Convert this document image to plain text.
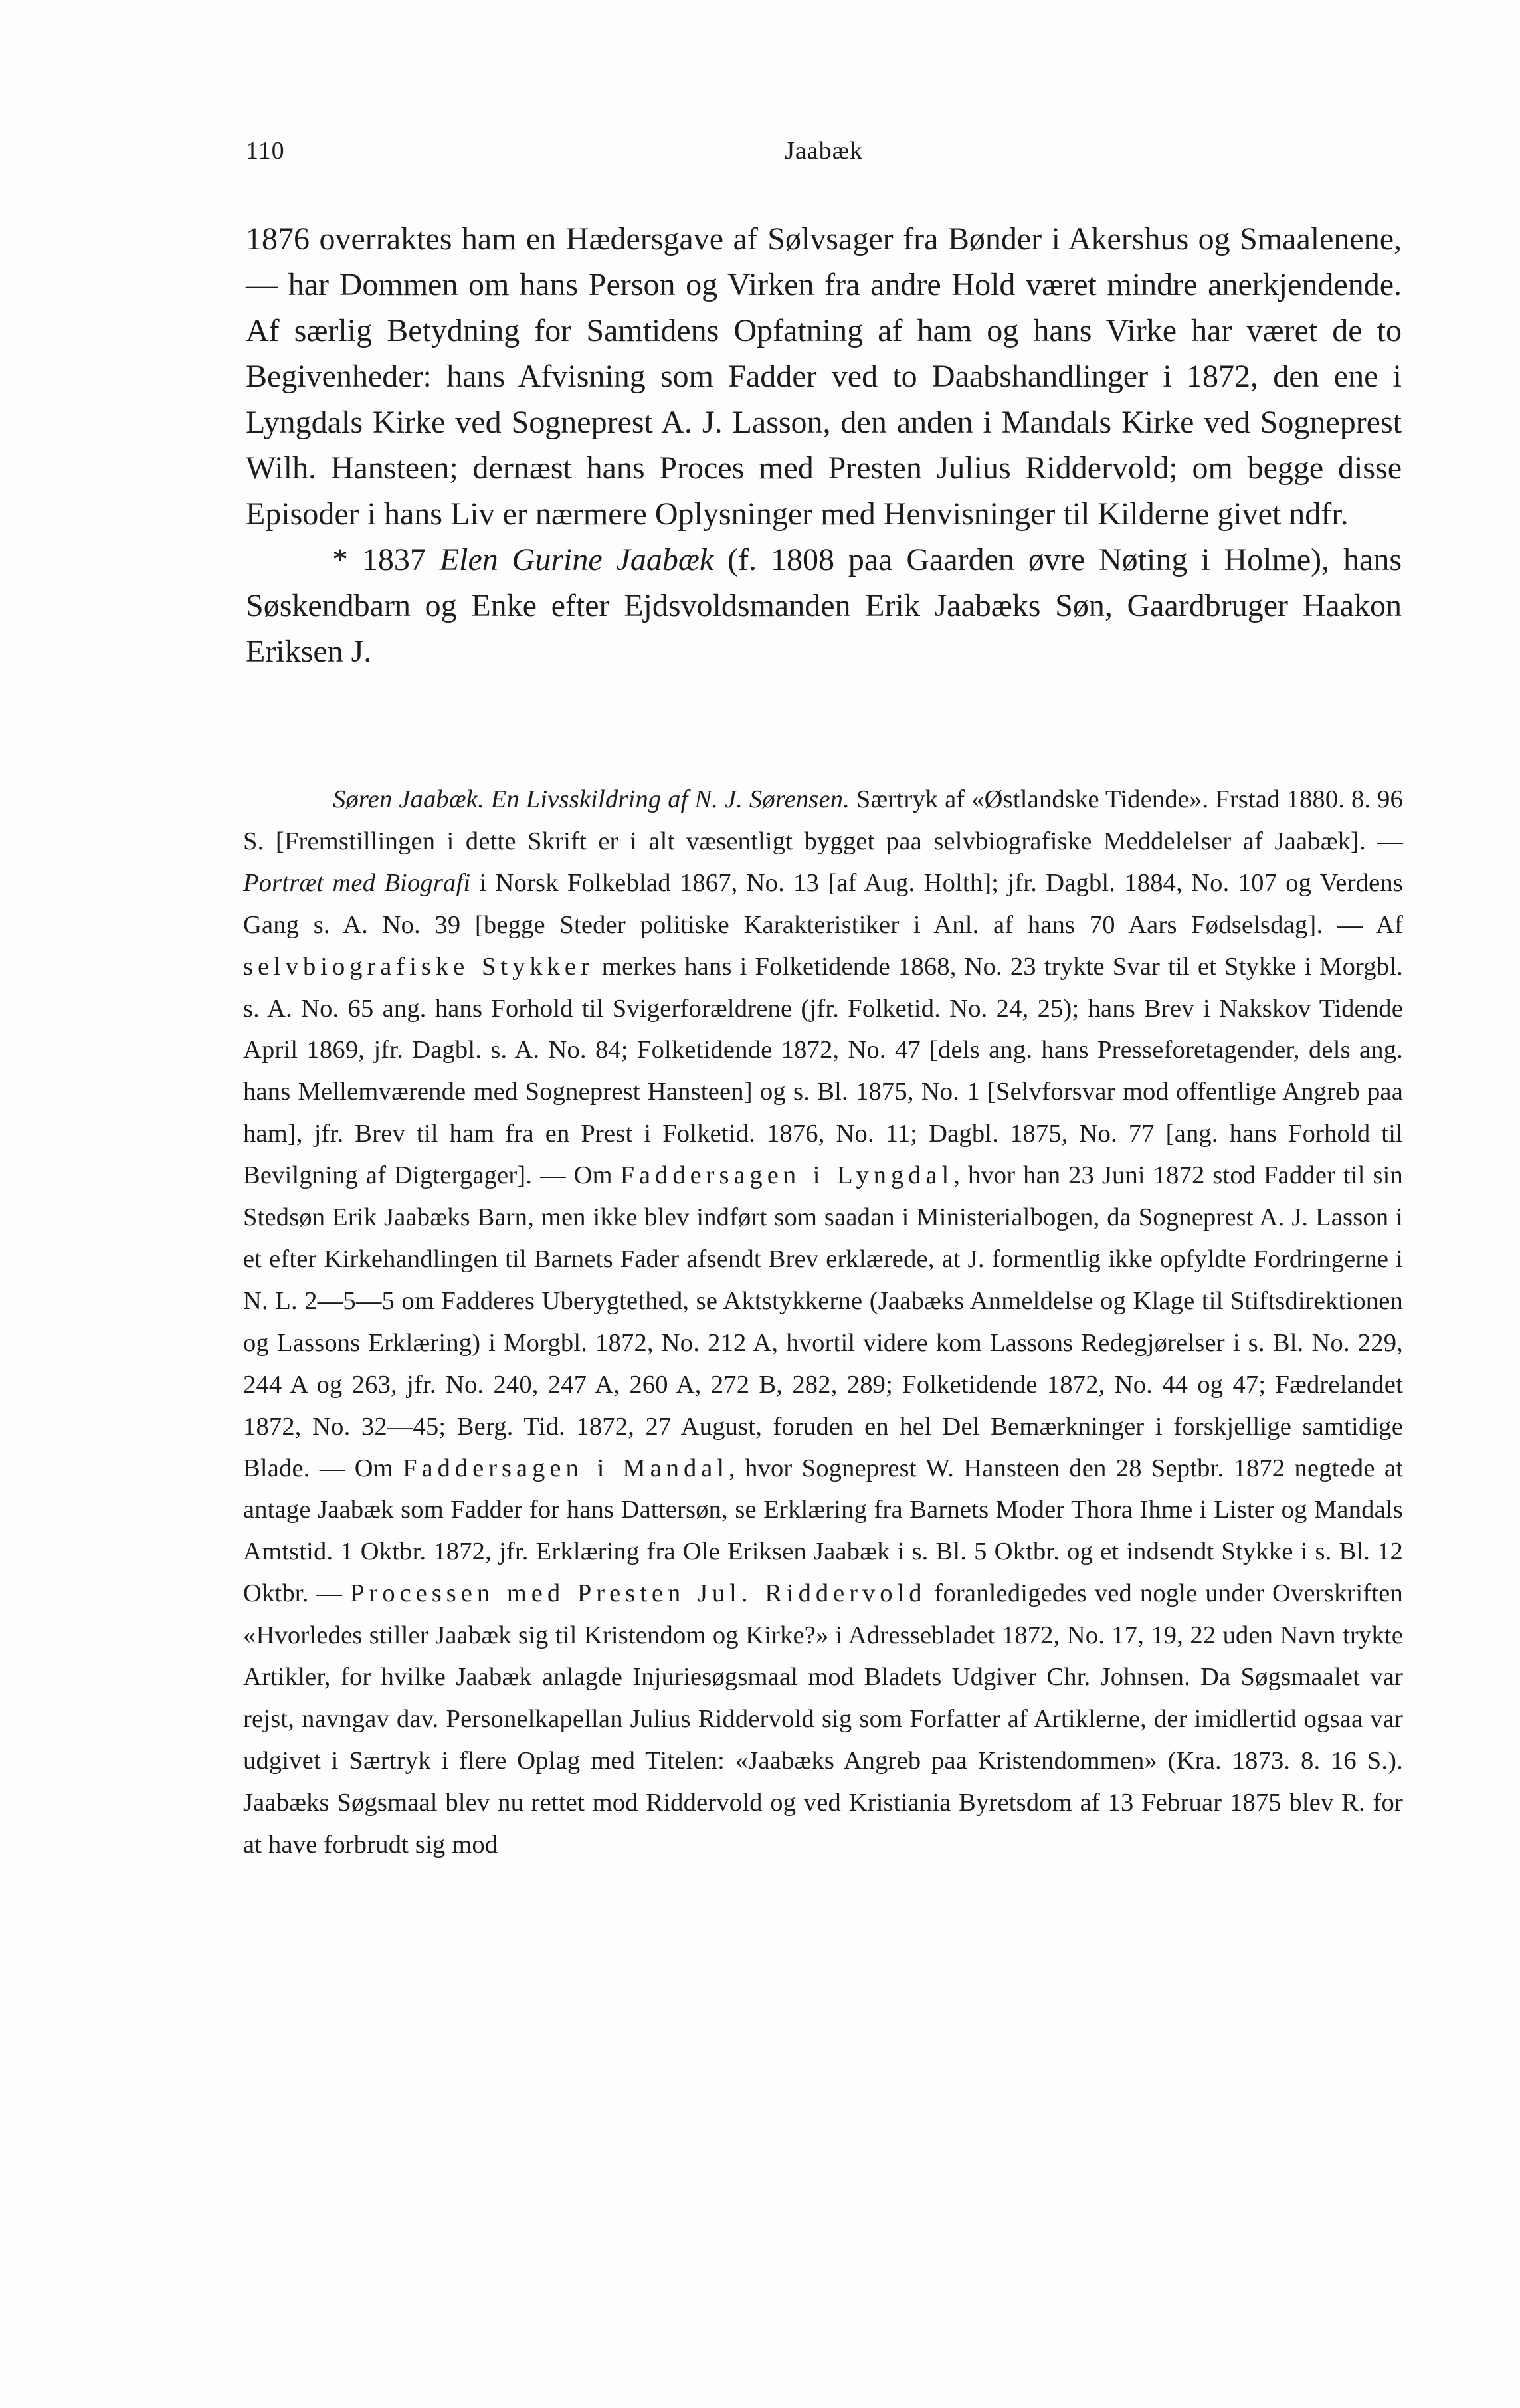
110	Jaabæk

1876 overraktes ham en Hædersgave af Sølvsager fra Bønder i Akershus og Smaalenene, — har Dommen om hans Person og Virken fra andre Hold været mindre anerkjendende. Af særlig Betydning for Samtidens Opfatning af ham og hans Virke har været de to Begivenheder: hans Afvisning som Fadder ved to Daabshandlinger i 1872, den ene i Lyngdals Kirke ved Sogneprest A. J. Lasson, den anden i Mandals Kirke ved Sogneprest Wilh. Hansteen; dernæst hans Proces med Presten Julius Riddervold; om begge disse Episoder i hans Liv er nærmere Oplysninger med Henvisninger til Kilderne givet ndfr.

* 1837 Elen Gurine Jaabæk (f. 1808 paa Gaarden øvre Nøting i Holme), hans Søskendbarn og Enke efter Ejdsvoldsmanden Erik Jaabæks Søn, Gaardbruger Haakon Eriksen J.

Søren Jaabæk. En Livsskildring af N. J. Sørensen. Særtryk af «Østlandske Tidende». Frstad 1880. 8. 96 S. [Fremstillingen i dette Skrift er i alt væsentligt bygget paa selvbiografiske Meddelelser af Jaabæk]. — Portræt med Biografi i Norsk Folkeblad 1867, No. 13 [af Aug. Holth]; jfr. Dagbl. 1884, No. 107 og Verdens Gang s. A. No. 39 [begge Steder politiske Karakteristiker i Anl. af hans 70 Aars Fødselsdag]. — Af selvbiografiske Stykker merkes hans i Folketidende 1868, No. 23 trykte Svar til et Stykke i Morgbl. s. A. No. 65 ang. hans Forhold til Svigerforældrene (jfr. Folketid. No. 24, 25); hans Brev i Nakskov Tidende April 1869, jfr. Dagbl. s. A. No. 84; Folketidende 1872, No. 47 [dels ang. hans Presseforetagender, dels ang. hans Mellemværende med Sogneprest Hansteen] og s. Bl. 1875, No. 1 [Selvforsvar mod offentlige Angreb paa ham], jfr. Brev til ham fra en Prest i Folketid. 1876, No. 11; Dagbl. 1875, No. 77 [ang. hans Forhold til Bevilgning af Digtergager]. — Om Faddersagen i Lyngdal, hvor han 23 Juni 1872 stod Fadder til sin Stedsøn Erik Jaabæks Barn, men ikke blev indført som saadan i Ministerialbogen, da Sogneprest A. J. Lasson i et efter Kirkehandlingen til Barnets Fader afsendt Brev erklærede, at J. formentlig ikke opfyldte Fordringerne i N. L. 2—5—5 om Fadderes Uberygtethed, se Aktstykkerne (Jaabæks Anmeldelse og Klage til Stiftsdirektionen og Lassons Erklæring) i Morgbl. 1872, No. 212 A, hvortil videre kom Lassons Redegjørelser i s. Bl. No. 229, 244 A og 263, jfr. No. 240, 247 A, 260 A, 272 B, 282, 289; Folketidende 1872, No. 44 og 47; Fædrelandet 1872, No. 32—45; Berg. Tid. 1872, 27 August, foruden en hel Del Bemærkninger i forskjellige samtidige Blade. — Om Faddersagen i Mandal, hvor Sogneprest W. Hansteen den 28 Septbr. 1872 negtede at antage Jaabæk som Fadder for hans Dattersøn, se Erklæring fra Barnets Moder Thora Ihme i Lister og Mandals Amtstid. 1 Oktbr. 1872, jfr. Erklæring fra Ole Eriksen Jaabæk i s. Bl. 5 Oktbr. og et indsendt Stykke i s. Bl. 12 Oktbr. — Processen med Presten Jul. Riddervold foranledigedes ved nogle under Overskriften «Hvorledes stiller Jaabæk sig til Kristendom og Kirke?» i Adressebladet 1872, No. 17, 19, 22 uden Navn trykte Artikler, for hvilke Jaabæk anlagde Injuriesøgsmaal mod Bladets Udgiver Chr. Johnsen. Da Søgsmaalet var rejst, navngav dav. Personelkapellan Julius Riddervold sig som Forfatter af Artiklerne, der imidlertid ogsaa var udgivet i Særtryk i flere Oplag med Titelen: «Jaabæks Angreb paa Kristendommen» (Kra. 1873. 8. 16 S.). Jaabæks Søgsmaal blev nu rettet mod Riddervold og ved Kristiania Byretsdom af 13 Februar 1875 blev R. for at have forbrudt sig mod
